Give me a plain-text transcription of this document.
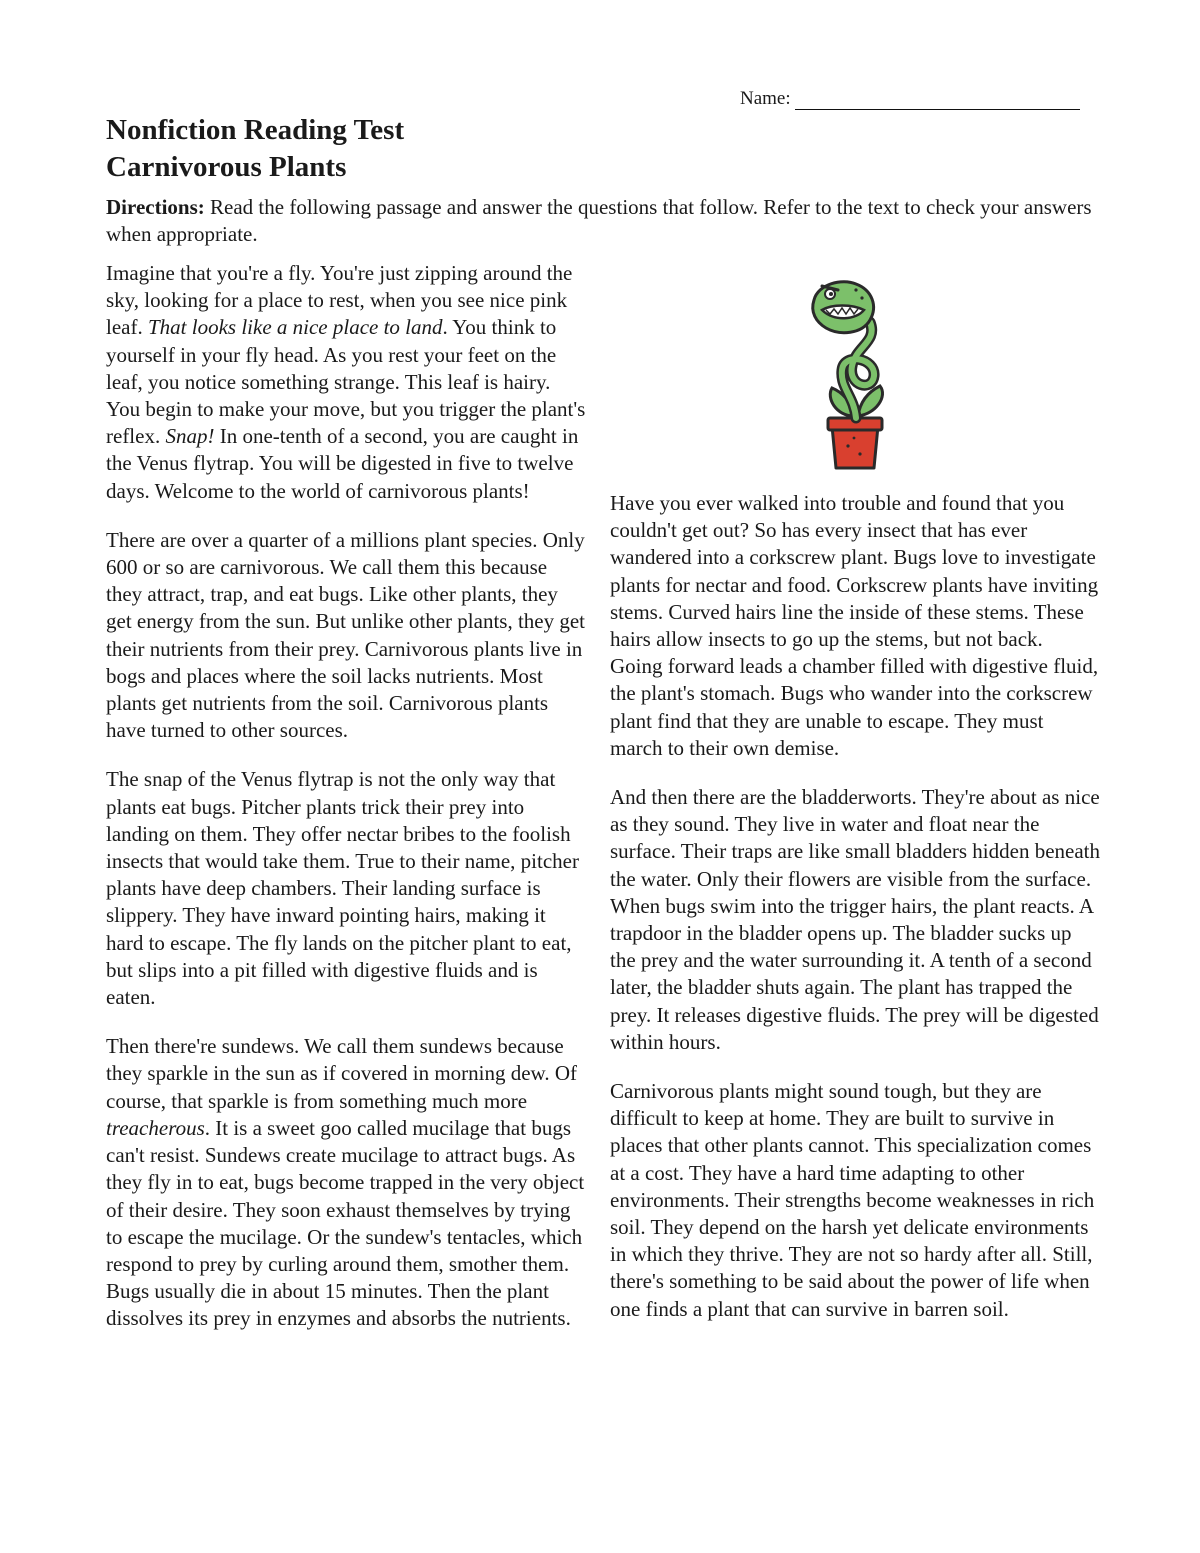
Name:
Nonfiction Reading Test
Carnivorous Plants

Directions: Read the following passage and answer the questions that follow. Refer to the text to check your answers when appropriate.

Imagine that you're a fly. You're just zipping around the sky, looking for a place to rest, when you see nice pink leaf. That looks like a nice place to land. You think to yourself in your fly head. As you rest your feet on the leaf, you notice something strange. This leaf is hairy. You begin to make your move, but you trigger the plant's reflex. Snap! In one-tenth of a second, you are caught in the Venus flytrap. You will be digested in five to twelve days. Welcome to the world of carnivorous plants!

There are over a quarter of a millions plant species. Only 600 or so are carnivorous. We call them this because they attract, trap, and eat bugs. Like other plants, they get energy from the sun. But unlike other plants, they get their nutrients from their prey. Carnivorous plants live in bogs and places where the soil lacks nutrients. Most plants get nutrients from the soil. Carnivorous plants have turned to other sources.

The snap of the Venus flytrap is not the only way that plants eat bugs. Pitcher plants trick their prey into landing on them. They offer nectar bribes to the foolish insects that would take them. True to their name, pitcher plants have deep chambers. Their landing surface is slippery. They have inward pointing hairs, making it hard to escape. The fly lands on the pitcher plant to eat, but slips into a pit filled with digestive fluids and is eaten.

Then there're sundews. We call them sundews because they sparkle in the sun as if covered in morning dew. Of course, that sparkle is from something much more treacherous. It is a sweet goo called mucilage that bugs can't resist. Sundews create mucilage to attract bugs. As they fly in to eat, bugs become trapped in the very object of their desire. They soon exhaust themselves by trying to escape the mucilage. Or the sundew's tentacles, which respond to prey by curling around them, smother them. Bugs usually die in about 15 minutes. Then the plant dissolves its prey in enzymes and absorbs the nutrients.

Have you ever walked into trouble and found that you couldn't get out? So has every insect that has ever wandered into a corkscrew plant. Bugs love to investigate plants for nectar and food. Corkscrew plants have inviting stems. Curved hairs line the inside of these stems. These hairs allow insects to go up the stems, but not back. Going forward leads a chamber filled with digestive fluid, the plant's stomach. Bugs who wander into the corkscrew plant find that they are unable to escape. They must march to their own demise.

And then there are the bladderworts. They're about as nice as they sound. They live in water and float near the surface. Their traps are like small bladders hidden beneath the water. Only their flowers are visible from the surface. When bugs swim into the trigger hairs, the plant reacts. A trapdoor in the bladder opens up. The bladder sucks up the prey and the water surrounding it. A tenth of a second later, the bladder shuts again. The plant has trapped the prey. It releases digestive fluids. The prey will be digested within hours.

Carnivorous plants might sound tough, but they are difficult to keep at home. They are built to survive in places that other plants cannot. This specialization comes at a cost. They have a hard time adapting to other environments. Their strengths become weaknesses in rich soil. They depend on the harsh yet delicate environments in which they thrive. They are not so hardy after all. Still, there's something to be said about the power of life when one finds a plant that can survive in barren soil.
